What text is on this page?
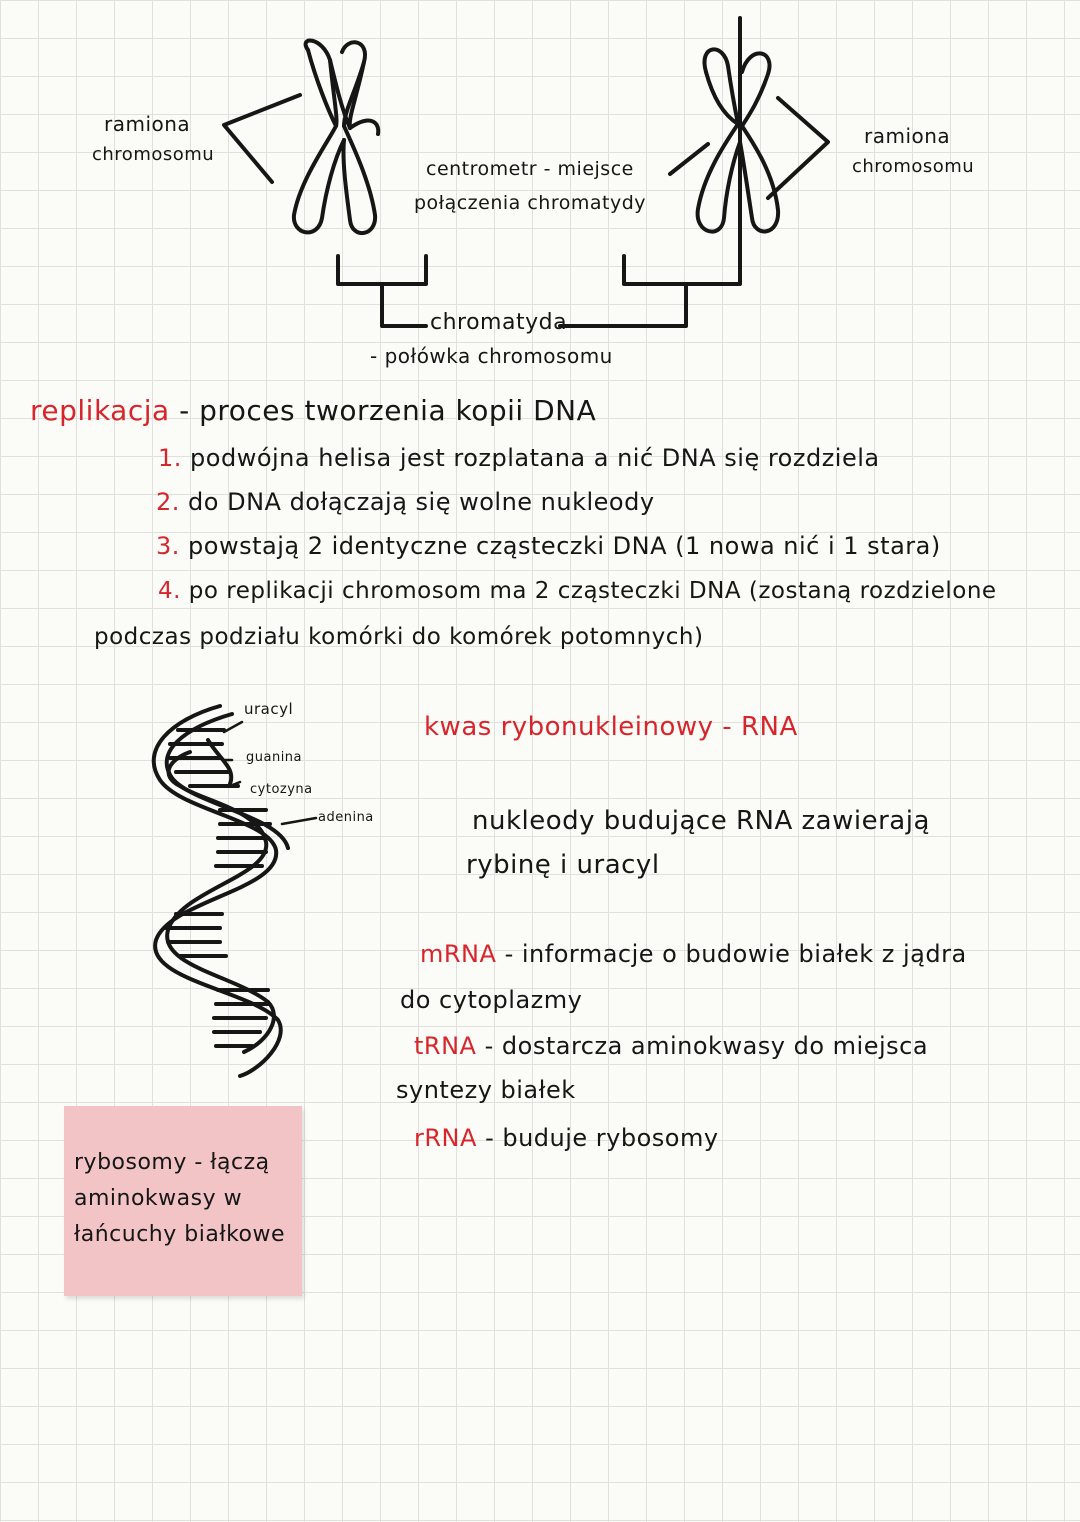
ramiona
chromosomu
ramiona
chromosomu
centrometr - miejsce
połączenia chromatydy
chromatyda
- połówka chromosomu
replikacja - proces tworzenia kopii DNA
1. podwójna helisa jest rozplatana a nić DNA się rozdziela
2. do DNA dołączają się wolne nukleody
3. powstają 2 identyczne cząsteczki DNA (1 nowa nić i 1 stara)
4. po replikacji chromosom ma 2 cząsteczki DNA (zostaną rozdzielone
podczas podziału komórki do komórek potomnych)
uracyl
guanina
cytozyna
adenina
kwas rybonukleinowy - RNA
nukleody budujące RNA zawierają
rybinę i uracyl
mRNA - informacje o budowie białek z jądra
do cytoplazmy
tRNA - dostarcza aminokwasy do miejsca
syntezy białek
rRNA - buduje rybosomy
rybosomy - łączą
aminokwasy w
łańcuchy białkowe
